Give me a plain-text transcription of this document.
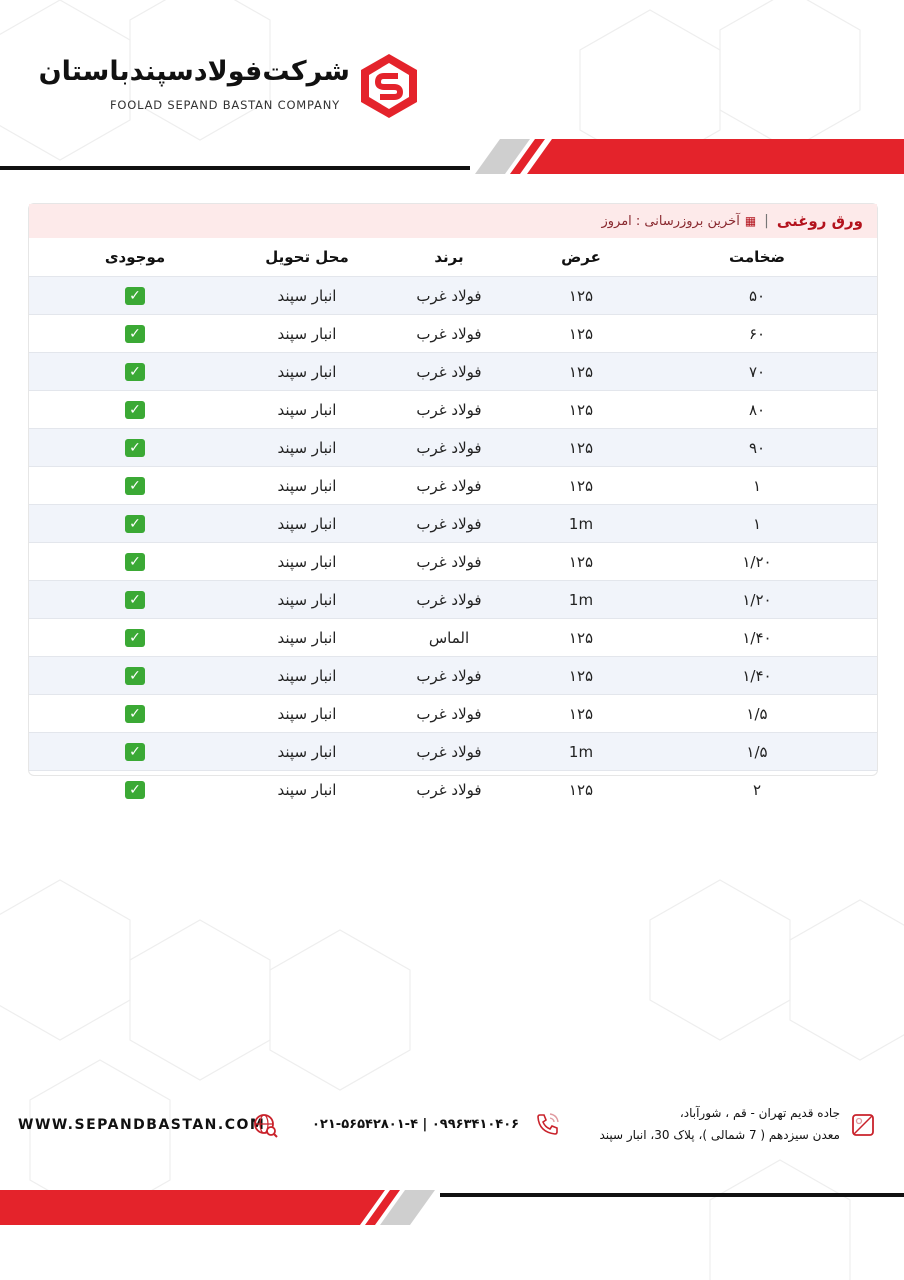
شرکت‌فولادسپندباستان
FOOLAD SEPAND BASTAN COMPANY
ورق روغنی
|
▦
آخرین بروزرسانی : امروز
ضخامت	عرض	برند	محل تحویل	موجودی
۵۰	۱۲۵	فولاد غرب	انبار سپند	✓
۶۰	۱۲۵	فولاد غرب	انبار سپند	✓
۷۰	۱۲۵	فولاد غرب	انبار سپند	✓
۸۰	۱۲۵	فولاد غرب	انبار سپند	✓
۹۰	۱۲۵	فولاد غرب	انبار سپند	✓
۱	۱۲۵	فولاد غرب	انبار سپند	✓
۱	1m	فولاد غرب	انبار سپند	✓
۱/۲۰	۱۲۵	فولاد غرب	انبار سپند	✓
۱/۲۰	1m	فولاد غرب	انبار سپند	✓
۱/۴۰	۱۲۵	الماس	انبار سپند	✓
۱/۴۰	۱۲۵	فولاد غرب	انبار سپند	✓
۱/۵	۱۲۵	فولاد غرب	انبار سپند	✓
۱/۵	1m	فولاد غرب	انبار سپند	✓
۲	۱۲۵	فولاد غرب	انبار سپند	✓
WWW.SEPANDBASTAN.COM	۰۹۹۶۳۴۱۰۴۰۶ | ۰۲۱-۵۶۵۴۲۸۰۱-۴
جاده قدیم تهران - قم ، شورآباد،
معدن سیزدهم ( 7 شمالی )، پلاک 30، انبار سپند
